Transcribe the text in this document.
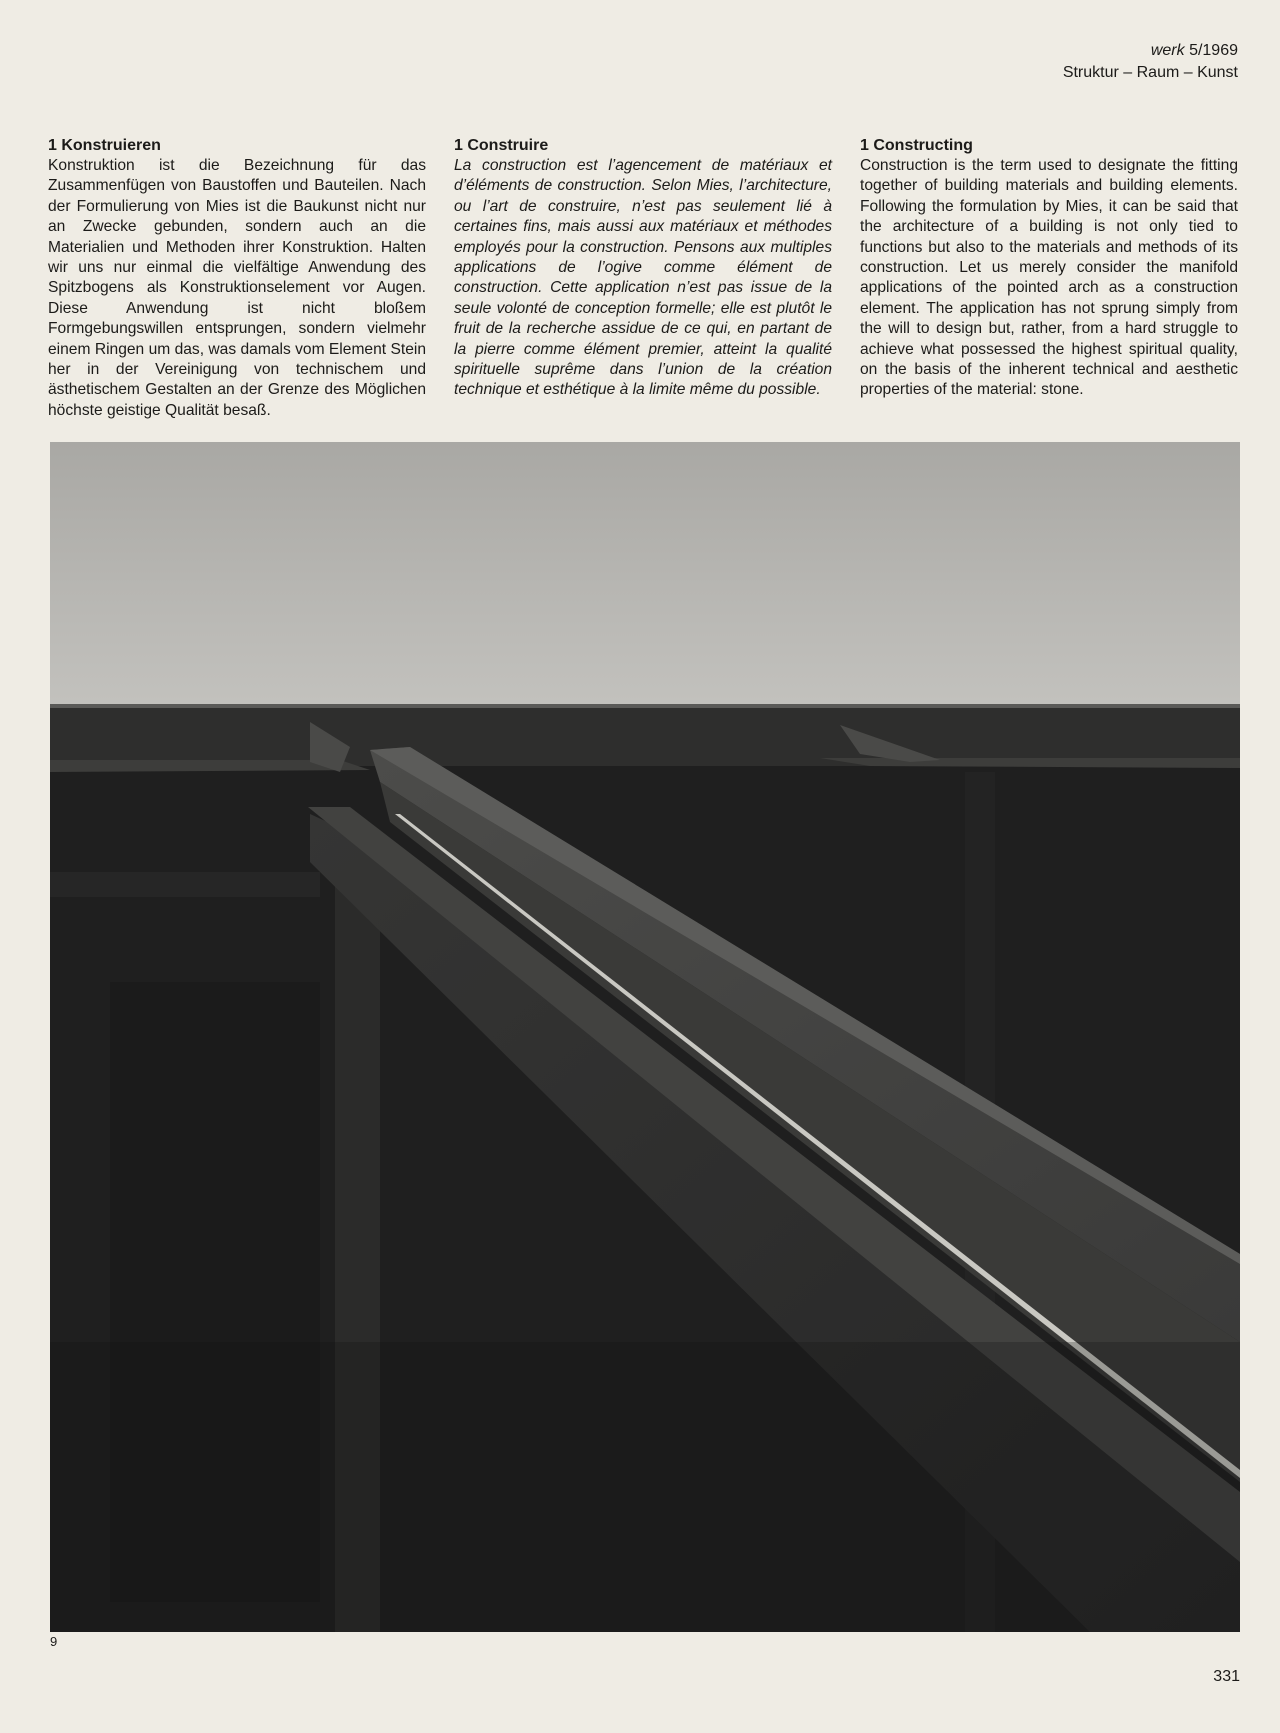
werk 5/1969
Struktur – Raum – Kunst
1 Konstruieren

Konstruktion ist die Bezeichnung für das Zusammenfügen von Baustoffen und Bauteilen. Nach der Formulierung von Mies ist die Baukunst nicht nur an Zwecke gebunden, sondern auch an die Materialien und Methoden ihrer Konstruktion. Halten wir uns nur einmal die vielfältige Anwendung des Spitzbogens als Konstruktionselement vor Augen. Diese Anwendung ist nicht bloßem Formgebungswillen entsprungen, sondern vielmehr einem Ringen um das, was damals vom Element Stein her in der Vereinigung von technischem und ästhetischem Gestalten an der Grenze des Möglichen höchste geistige Qualität besaß.

1 Construire

La construction est l’agencement de matériaux et d’éléments de construction. Selon Mies, l’architecture, ou l’art de construire, n’est pas seulement lié à certaines fins, mais aussi aux matériaux et méthodes employés pour la construction. Pensons aux multiples applications de l’ogive comme élément de construction. Cette application n’est pas issue de la seule volonté de conception formelle; elle est plutôt le fruit de la recherche assidue de ce qui, en partant de la pierre comme élément premier, atteint la qualité spirituelle suprême dans l’union de la création technique et esthétique à la limite même du possible.

1 Constructing

Construction is the term used to designate the fitting together of building materials and building elements. Following the formulation by Mies, it can be said that the architecture of a building is not only tied to functions but also to the materials and methods of its construction. Let us merely consider the manifold applications of the pointed arch as a construction element. The application has not sprung simply from the will to design but, rather, from a hard struggle to achieve what possessed the highest spiritual quality, on the basis of the inherent technical and aesthetic properties of the material: stone.

9
331
